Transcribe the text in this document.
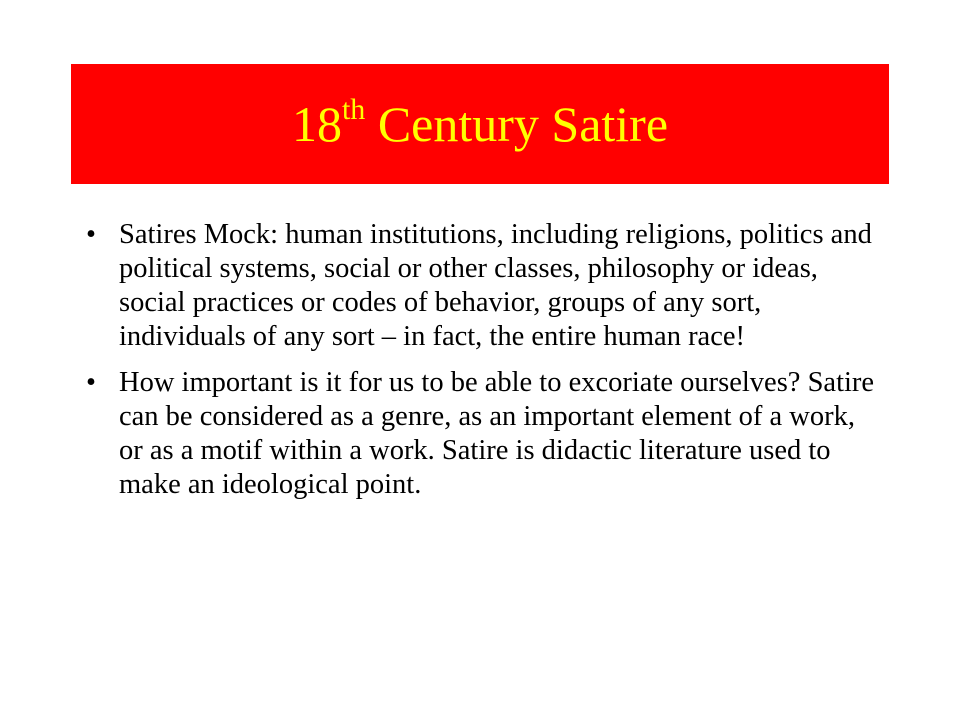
18th Century Satire
• Satires Mock: human institutions, including religions, politics and political systems, social or other classes, philosophy or ideas, social practices or codes of behavior, groups of any sort, individuals of any sort – in fact, the entire human race!
• How important is it for us to be able to excoriate ourselves? Satire can be considered as a genre, as an important element of a work, or as a motif within a work. Satire is didactic literature used to make an ideological point.
